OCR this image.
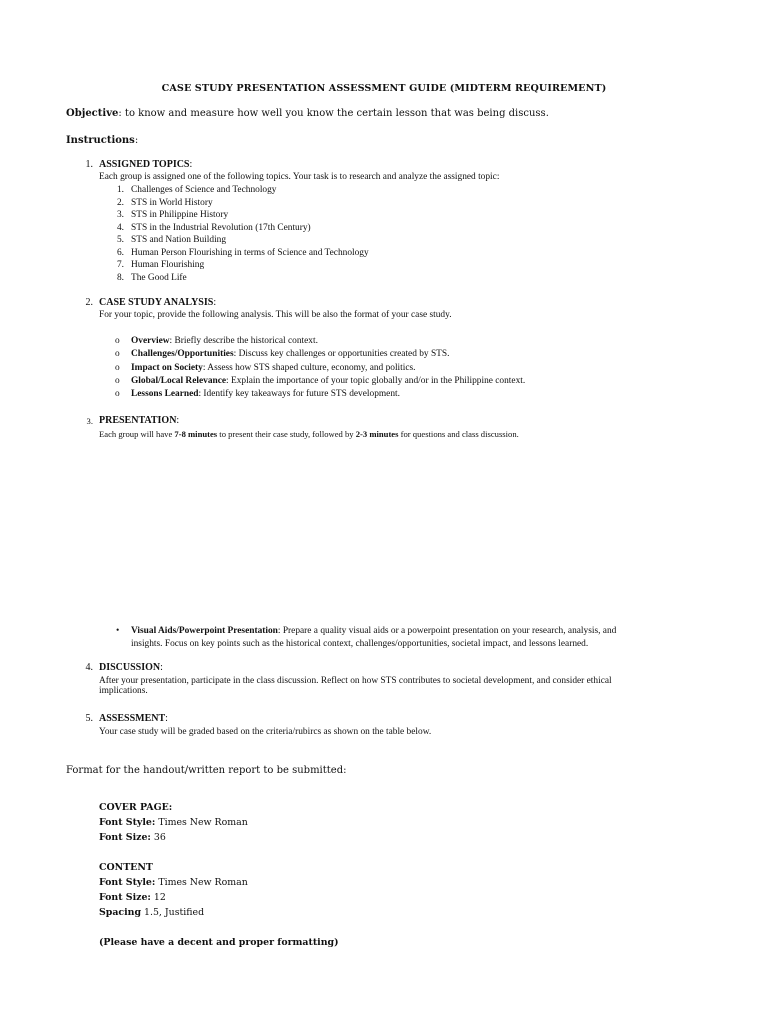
CASE STUDY PRESENTATION ASSESSMENT GUIDE (MIDTERM REQUIREMENT)
Objective: to know and measure how well you know the certain lesson that was being discuss.
Instructions:
1. ASSIGNED TOPICS:
Each group is assigned one of the following topics. Your task is to research and analyze the assigned topic:
1. Challenges of Science and Technology
2. STS in World History
3. STS in Philippine History
4. STS in the Industrial Revolution (17th Century)
5. STS and Nation Building
6. Human Person Flourishing in terms of Science and Technology
7. Human Flourishing
8. The Good Life
2. CASE STUDY ANALYSIS:
For your topic, provide the following analysis. This will be also the format of your case study.
o Overview: Briefly describe the historical context.
o Challenges/Opportunities: Discuss key challenges or opportunities created by STS.
o Impact on Society: Assess how STS shaped culture, economy, and politics.
o Global/Local Relevance: Explain the importance of your topic globally and/or in the Philippine context.
o Lessons Learned: Identify key takeaways for future STS development.
3. PRESENTATION:
Each group will have 7-8 minutes to present their case study, followed by 2-3 minutes for questions and class discussion.
• Visual Aids/Powerpoint Presentation: Prepare a quality visual aids or a powerpoint presentation on your research, analysis, and
insights. Focus on key points such as the historical context, challenges/opportunities, societal impact, and lessons learned.
4. DISCUSSION:
After your presentation, participate in the class discussion. Reflect on how STS contributes to societal development, and consider ethical
implications.
5. ASSESSMENT:
Your case study will be graded based on the criteria/rubircs as shown on the table below.
Format for the handout/written report to be submitted:
COVER PAGE:
Font Style: Times New Roman
Font Size: 36
CONTENT
Font Style: Times New Roman
Font Size: 12
Spacing 1.5, Justified
(Please have a decent and proper formatting)
